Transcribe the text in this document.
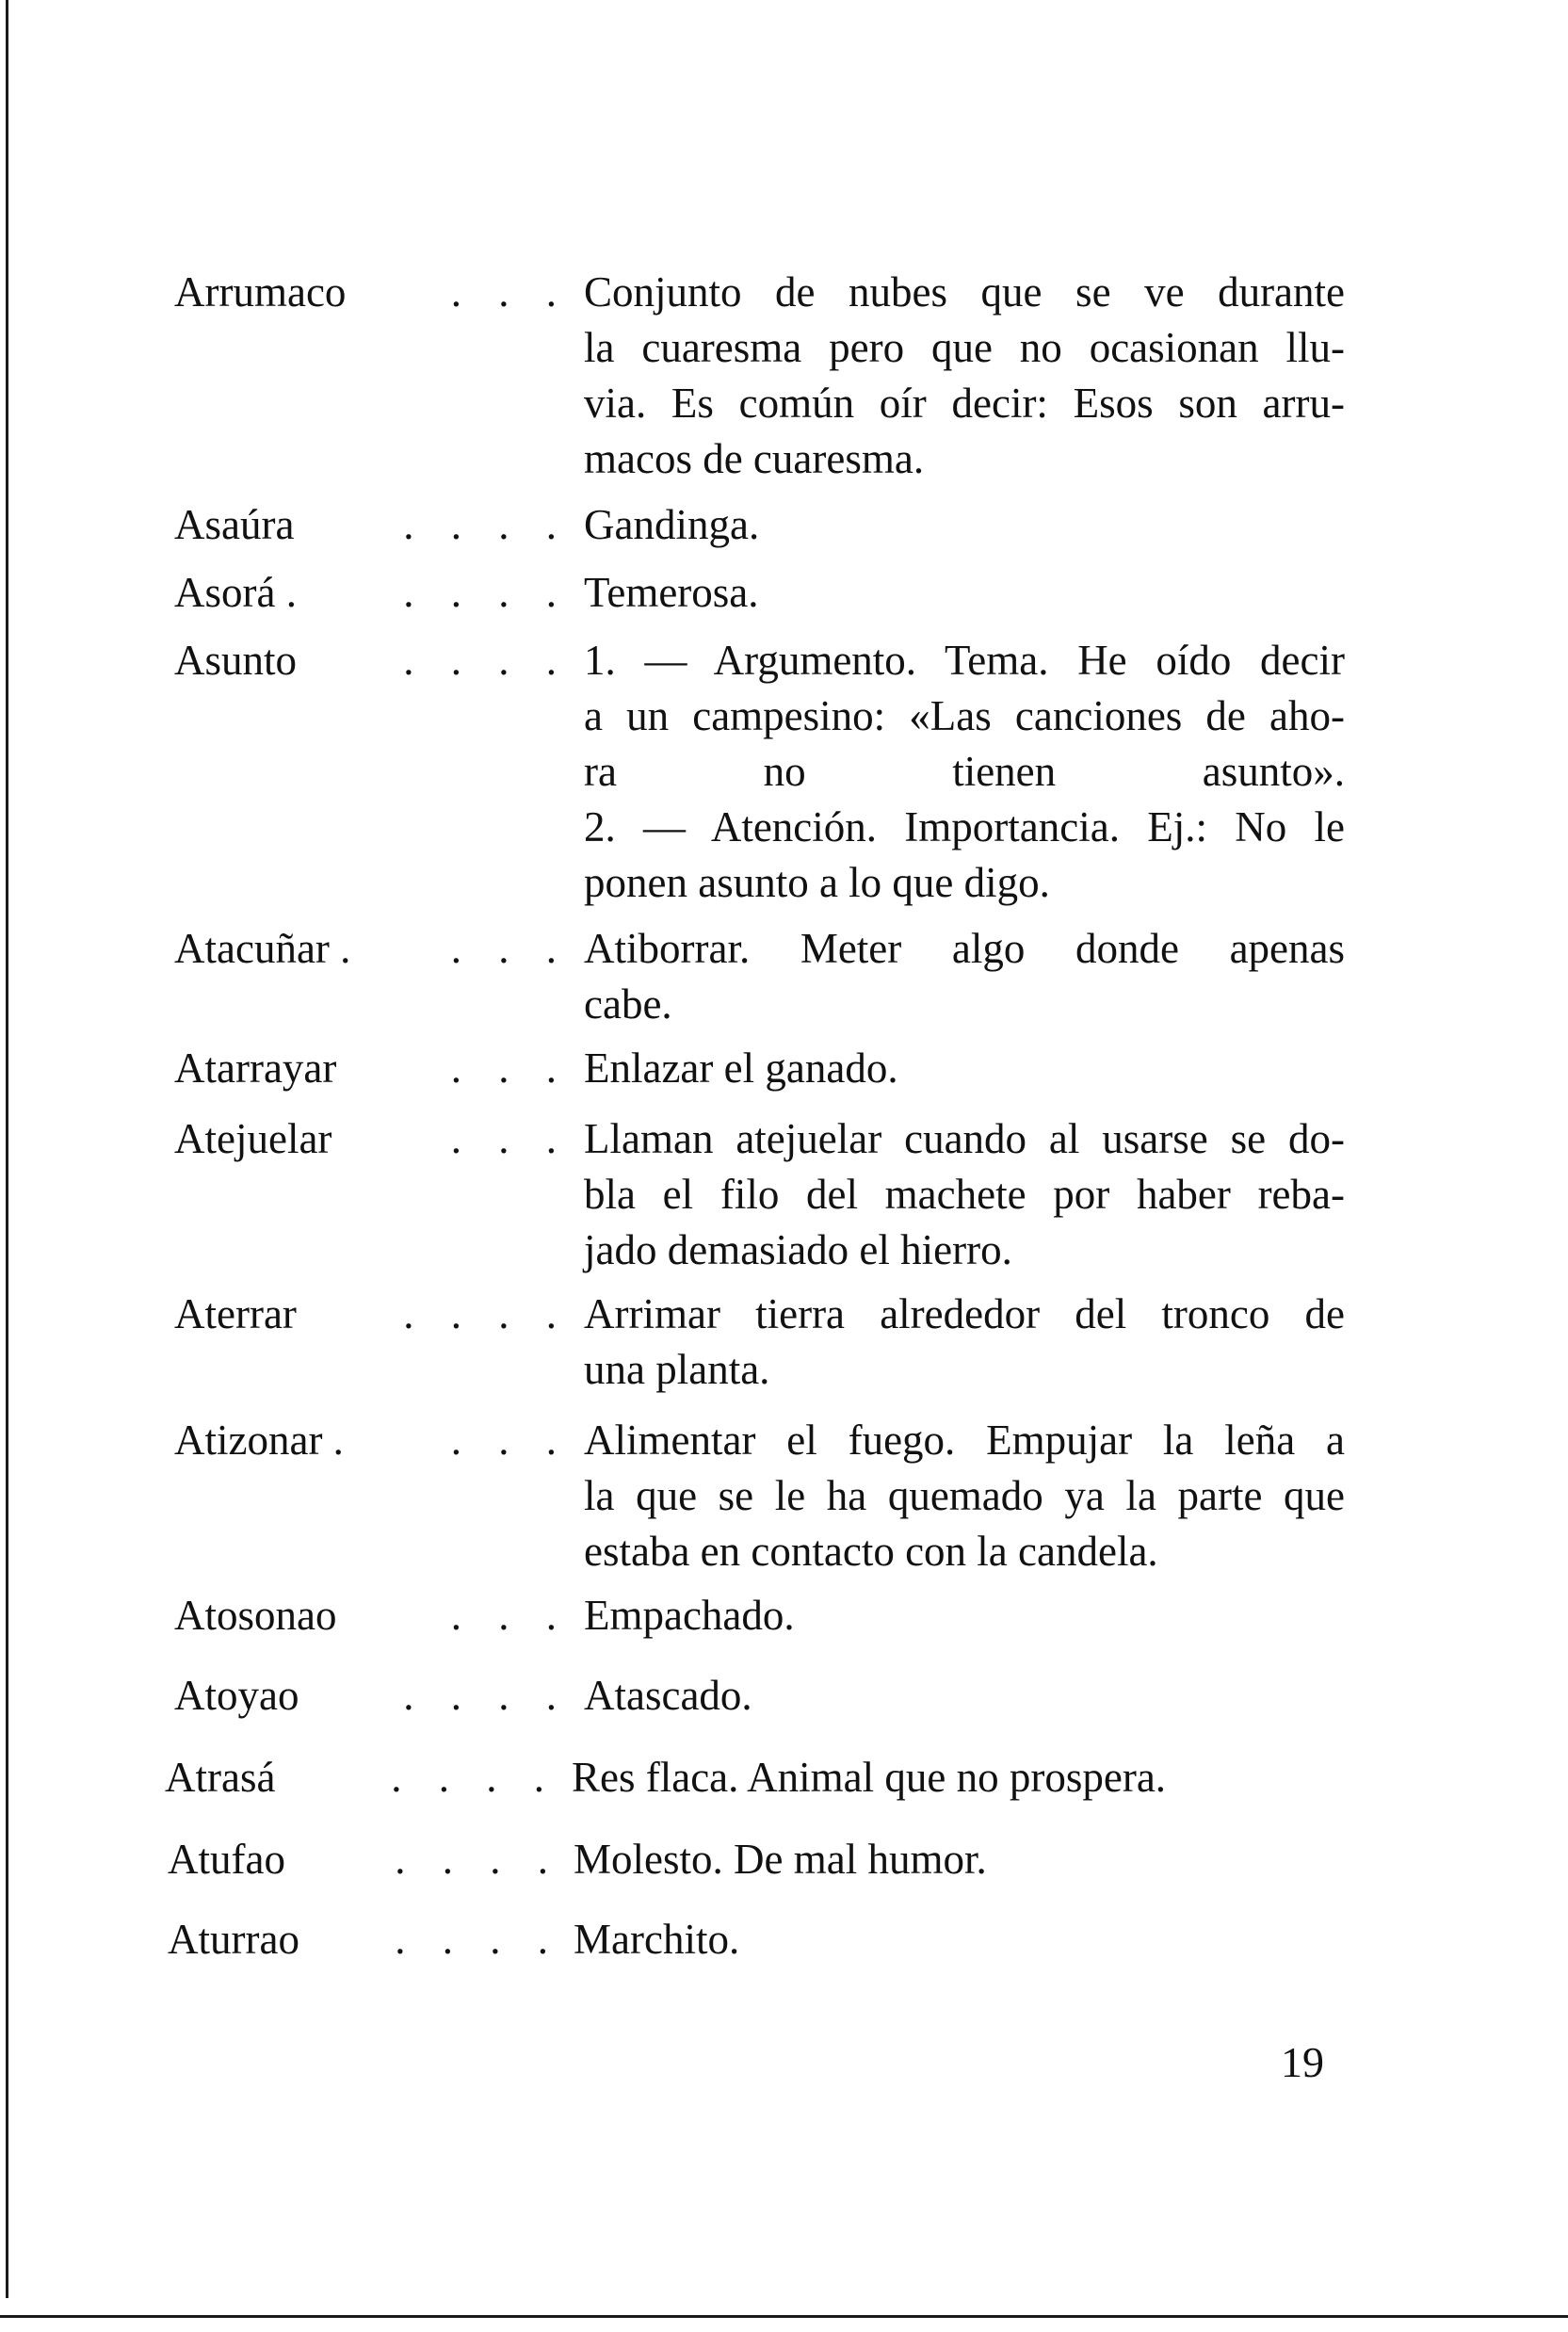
Arrumaco	. . . Conjunto de nubes que se ve durante
la cuaresma pero que no ocasionan llu-
via. Es común oír decir: Esos son arru-
macos de cuaresma.
Asaúra	. . . . Gandinga.
Asorá .	. . . . Temerosa.
Asunto	. . . . 1. — Argumento. Tema. He oído decir
a un campesino: «Las canciones de aho-
ra no tienen asunto».
2. — Atención. Importancia. Ej.: No le
ponen asunto a lo que digo.
Atacuñar .	. . . Atiborrar. Meter algo donde apenas
cabe.
Atarrayar	. . . Enlazar el ganado.
Atejuelar	. . . Llaman atejuelar cuando al usarse se do-
bla el filo del machete por haber reba-
jado demasiado el hierro.
Aterrar	. . . . Arrimar tierra alrededor del tronco de
una planta.
Atizonar .	. . . Alimentar el fuego. Empujar la leña a
la que se le ha quemado ya la parte que
estaba en contacto con la candela.
Atosonao	. . . Empachado.
Atoyao	. . . . Atascado.
Atrasá	. . . . Res flaca. Animal que no prospera.
Atufao	. . . . Molesto. De mal humor.
Aturrao	. . . . Marchito.
19
